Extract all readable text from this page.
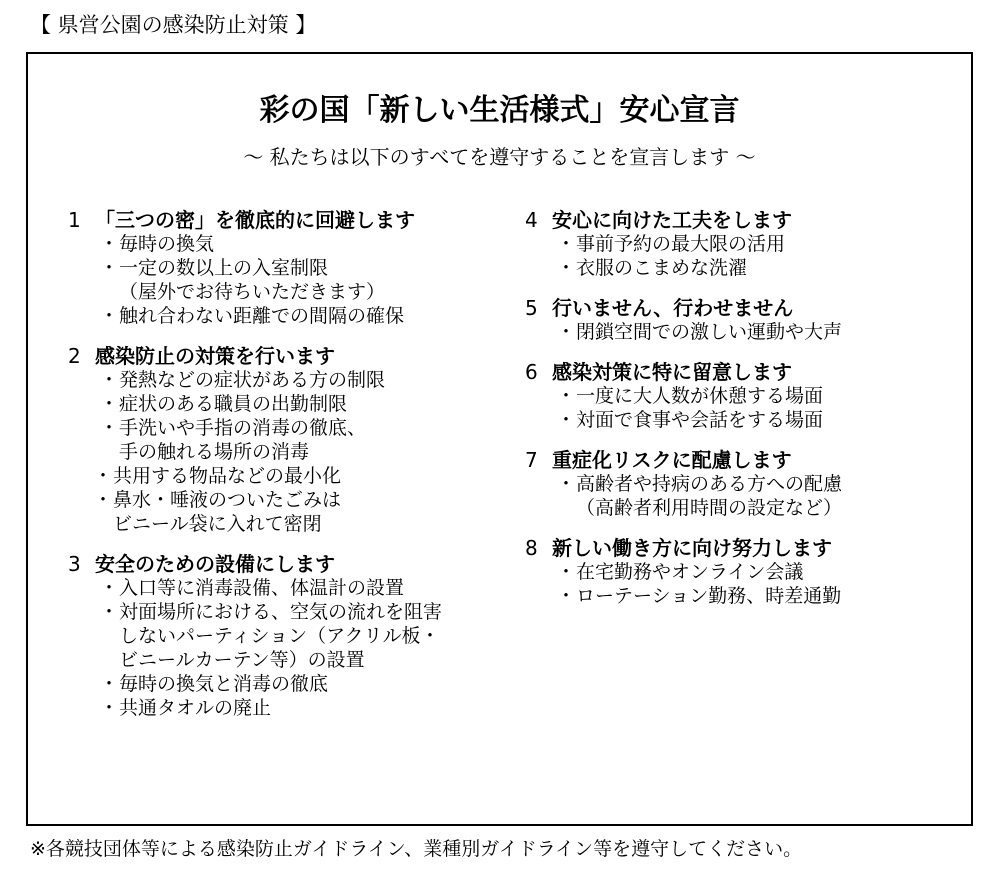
【 県営公園の感染防止対策 】
彩の国「新しい生活様式」安心宣言
～ 私たちは以下のすべてを遵守することを宣言します ～
1 「三つの密」を徹底的に回避します
・ 毎時の換気
・ 一定の数以上の入室制限
（屋外でお待ちいただきます）
・ 触れ合わない距離での間隔の確保
2 感染防止の対策を行います
・ 発熱などの症状がある方の制限
・ 症状のある職員の出勤制限
・ 手洗いや手指の消毒の徹底、
手の触れる場所の消毒
・ 共用する物品などの最小化
・ 鼻水・唾液のついたごみは
ビニール袋に入れて密閉
3 安全のための設備にします
・ 入口等に消毒設備、体温計の設置
・ 対面場所における、空気の流れを阻害
しないパーティション（アクリル板・
ビニールカーテン等）の設置
・ 毎時の換気と消毒の徹底
・ 共通タオルの廃止
4 安心に向けた工夫をします
・ 事前予約の最大限の活用
・ 衣服のこまめな洗濯
5 行いません、行わせません
・ 閉鎖空間での激しい運動や大声
6 感染対策に特に留意します
・ 一度に大人数が休憩する場面
・ 対面で食事や会話をする場面
7 重症化リスクに配慮します
・ 高齢者や持病のある方への配慮
（高齢者利用時間の設定など）
8 新しい働き方に向け努力します
・ 在宅勤務やオンライン会議
・ ローテーション勤務、時差通勤
※各競技団体等による感染防止ガイドライン、業種別ガイドライン等を遵守してください。
